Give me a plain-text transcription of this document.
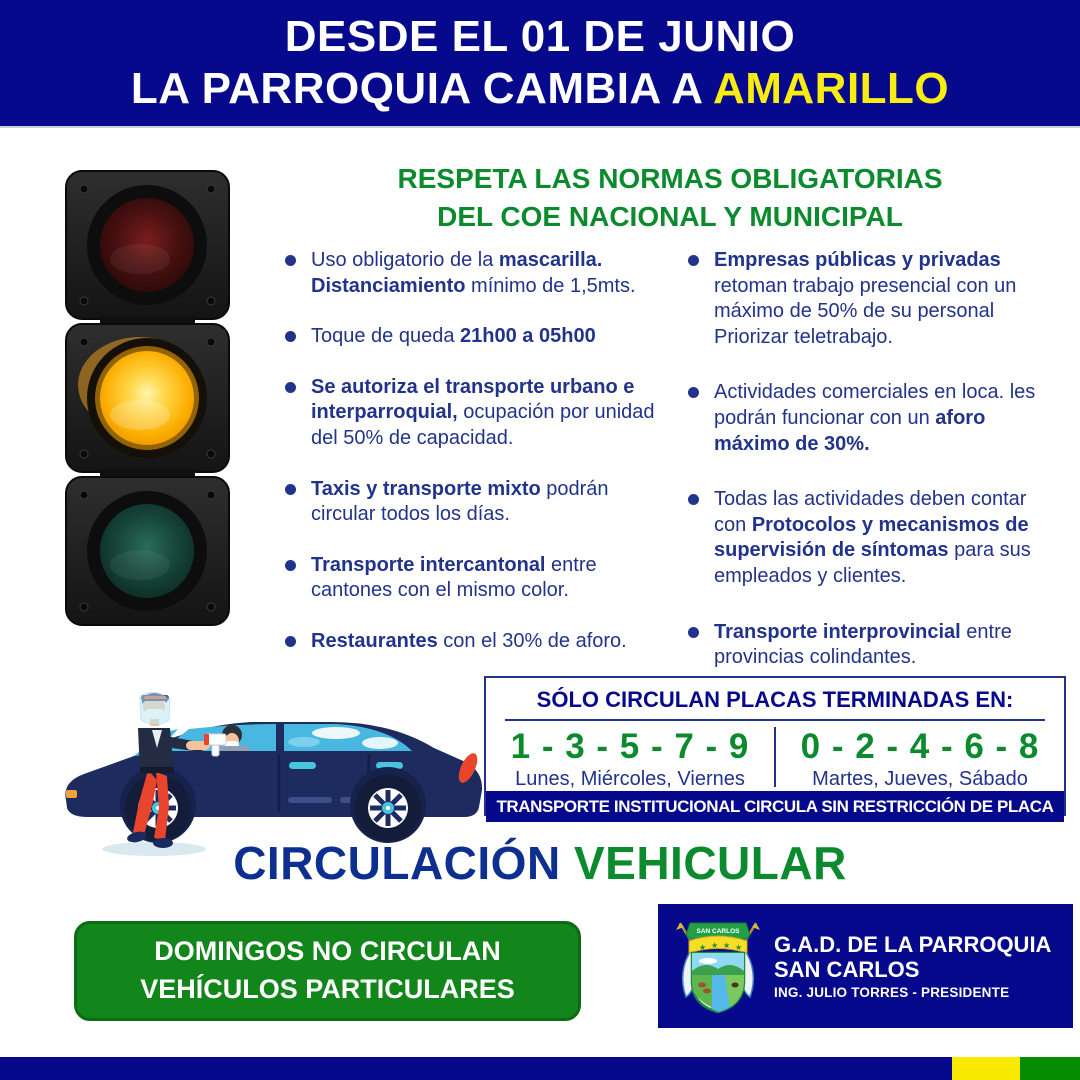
DESDE EL 01 DE JUNIO
LA PARROQUIA CAMBIA A AMARILLO
RESPETA LAS NORMAS OBLIGATORIAS
DEL COE NACIONAL Y MUNICIPAL
Uso obligatorio de la mascarilla. Distanciamiento mínimo de 1,5mts.
Toque de queda 21h00 a 05h00
Se autoriza el transporte urbano e interparroquial, ocupación por unidad del 50% de capacidad.
Taxis y transporte mixto podrán circular todos los días.
Transporte intercantonal entre cantones con el mismo color.
Restaurantes con el 30% de aforo.
Empresas públicas y privadas retoman trabajo presencial con un máximo de 50% de su personal Priorizar teletrabajo.
Actividades comerciales en loca. les podrán funcionar con un aforo máximo de 30%.
Todas las actividades deben contar con Protocolos y mecanismos de supervisión de síntomas para sus empleados y clientes.
Transporte interprovincial entre provincias colindantes.
SÓLO CIRCULAN PLACAS TERMINADAS EN:
1 - 3 - 5 - 7 - 9
Lunes, Miércoles, Viernes
0 - 2 - 4 - 6 - 8
Martes, Jueves, Sábado
TRANSPORTE INSTITUCIONAL CIRCULA SIN RESTRICCIÓN DE PLACA
CIRCULACIÓN VEHICULAR
DOMINGOS NO CIRCULAN
VEHÍCULOS PARTICULARES
SAN CARLOS
★ ★ ★ ★ G.A.D. DE LA PARROQUIA
SAN CARLOS
ING. JULIO TORRES - PRESIDENTE
